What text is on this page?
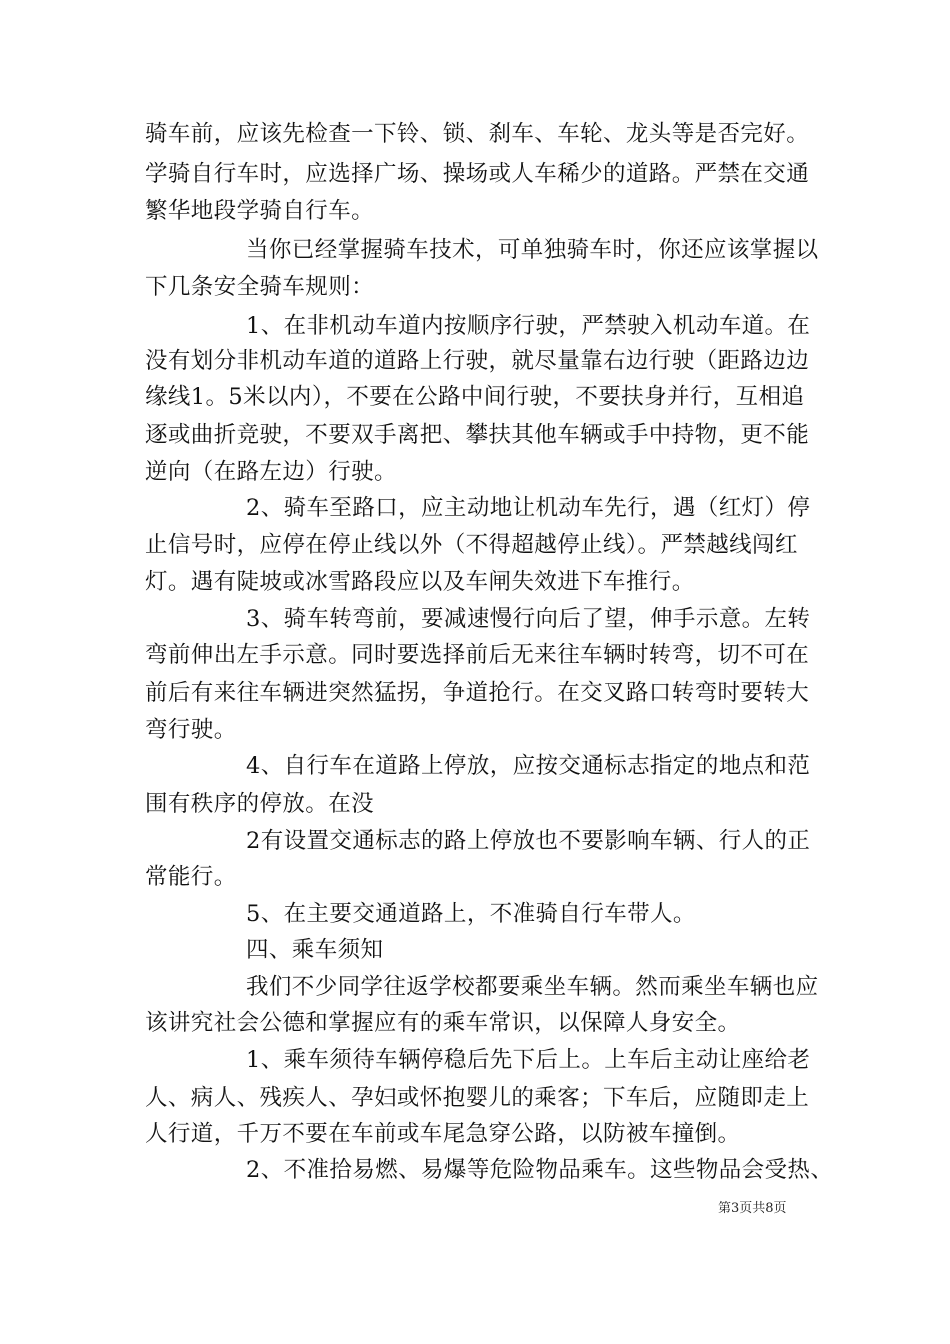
骑车前，应该先检查一下铃、锁、刹车、车轮、龙头等是否完好。
学骑自行车时，应选择广场、操场或人车稀少的道路。严禁在交通
繁华地段学骑自行车。
当你已经掌握骑车技术，可单独骑车时，你还应该掌握以
下几条安全骑车规则：
1、在非机动车道内按顺序行驶，严禁驶入机动车道。在
没有划分非机动车道的道路上行驶，就尽量靠右边行驶（距路边边
缘线1。5米以内），不要在公路中间行驶，不要扶身并行，互相追
逐或曲折竞驶，不要双手离把、攀扶其他车辆或手中持物，更不能
逆向（在路左边）行驶。
2、骑车至路口，应主动地让机动车先行，遇（红灯）停
止信号时，应停在停止线以外（不得超越停止线）。严禁越线闯红
灯。遇有陡坡或冰雪路段应以及车闸失效进下车推行。
3、骑车转弯前，要减速慢行向后了望，伸手示意。左转
弯前伸出左手示意。同时要选择前后无来往车辆时转弯，切不可在
前后有来往车辆进突然猛拐，争道抢行。在交叉路口转弯时要转大
弯行驶。
4、自行车在道路上停放，应按交通标志指定的地点和范
围有秩序的停放。在没
2有设置交通标志的路上停放也不要影响车辆、行人的正
常能行。
5、在主要交通道路上，不准骑自行车带人。
四、乘车须知
我们不少同学往返学校都要乘坐车辆。然而乘坐车辆也应
该讲究社会公德和掌握应有的乘车常识，以保障人身安全。
1、乘车须待车辆停稳后先下后上。上车后主动让座给老
人、病人、残疾人、孕妇或怀抱婴儿的乘客；下车后，应随即走上
人行道，千万不要在车前或车尾急穿公路，以防被车撞倒。
2、不准拾易燃、易爆等危险物品乘车。这些物品会受热、
第3页共8页
